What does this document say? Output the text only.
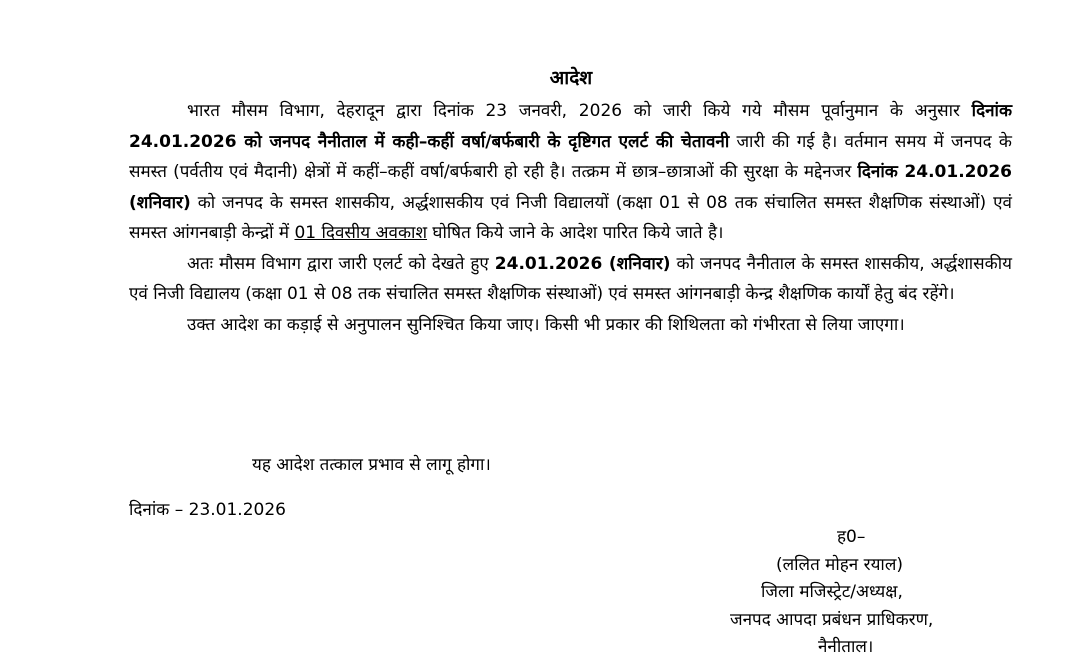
आदेश

भारत मौसम विभाग, देहरादून द्वारा दिनांक 23 जनवरी, 2026 को जारी किये गये मौसम पूर्वानुमान के अनुसार दिनांक 24.01.2026 को जनपद नैनीताल में कही–कहीं वर्षा/बर्फबारी के दृष्टिगत एलर्ट की चेतावनी जारी की गई है। वर्तमान समय में जनपद के समस्त (पर्वतीय एवं मैदानी) क्षेत्रों में कहीं–कहीं वर्षा/बर्फबारी हो रही है। तत्क्रम में छात्र–छात्राओं की सुरक्षा के मद्देनजर दिनांक 24.01.2026 (शनिवार) को जनपद के समस्त शासकीय, अर्द्धशासकीय एवं निजी विद्यालयों (कक्षा 01 से 08 तक संचालित समस्त शैक्षणिक संस्थाओं) एवं समस्त आंगनबाड़ी केन्द्रों में 01 दिवसीय अवकाश घोषित किये जाने के आदेश पारित किये जाते है।

अतः मौसम विभाग द्वारा जारी एलर्ट को देखते हुए 24.01.2026 (शनिवार) को जनपद नैनीताल के समस्त शासकीय, अर्द्धशासकीय एवं निजी विद्यालय (कक्षा 01 से 08 तक संचालित समस्त शैक्षणिक संस्थाओं) एवं समस्त आंगनबाड़ी केन्द्र शैक्षणिक कार्यों हेतु बंद रहेंगे।

उक्त आदेश का कड़ाई से अनुपालन सुनिश्चित किया जाए। किसी भी प्रकार की शिथिलता को गंभीरता से लिया जाएगा।

यह आदेश तत्काल प्रभाव से लागू होगा।
दिनांक – 23.01.2026
ह0–
(ललित मोहन रयाल)
जिला मजिस्ट्रेट/अध्यक्ष,
जनपद आपदा प्रबंधन प्राधिकरण,
नैनीताल।
